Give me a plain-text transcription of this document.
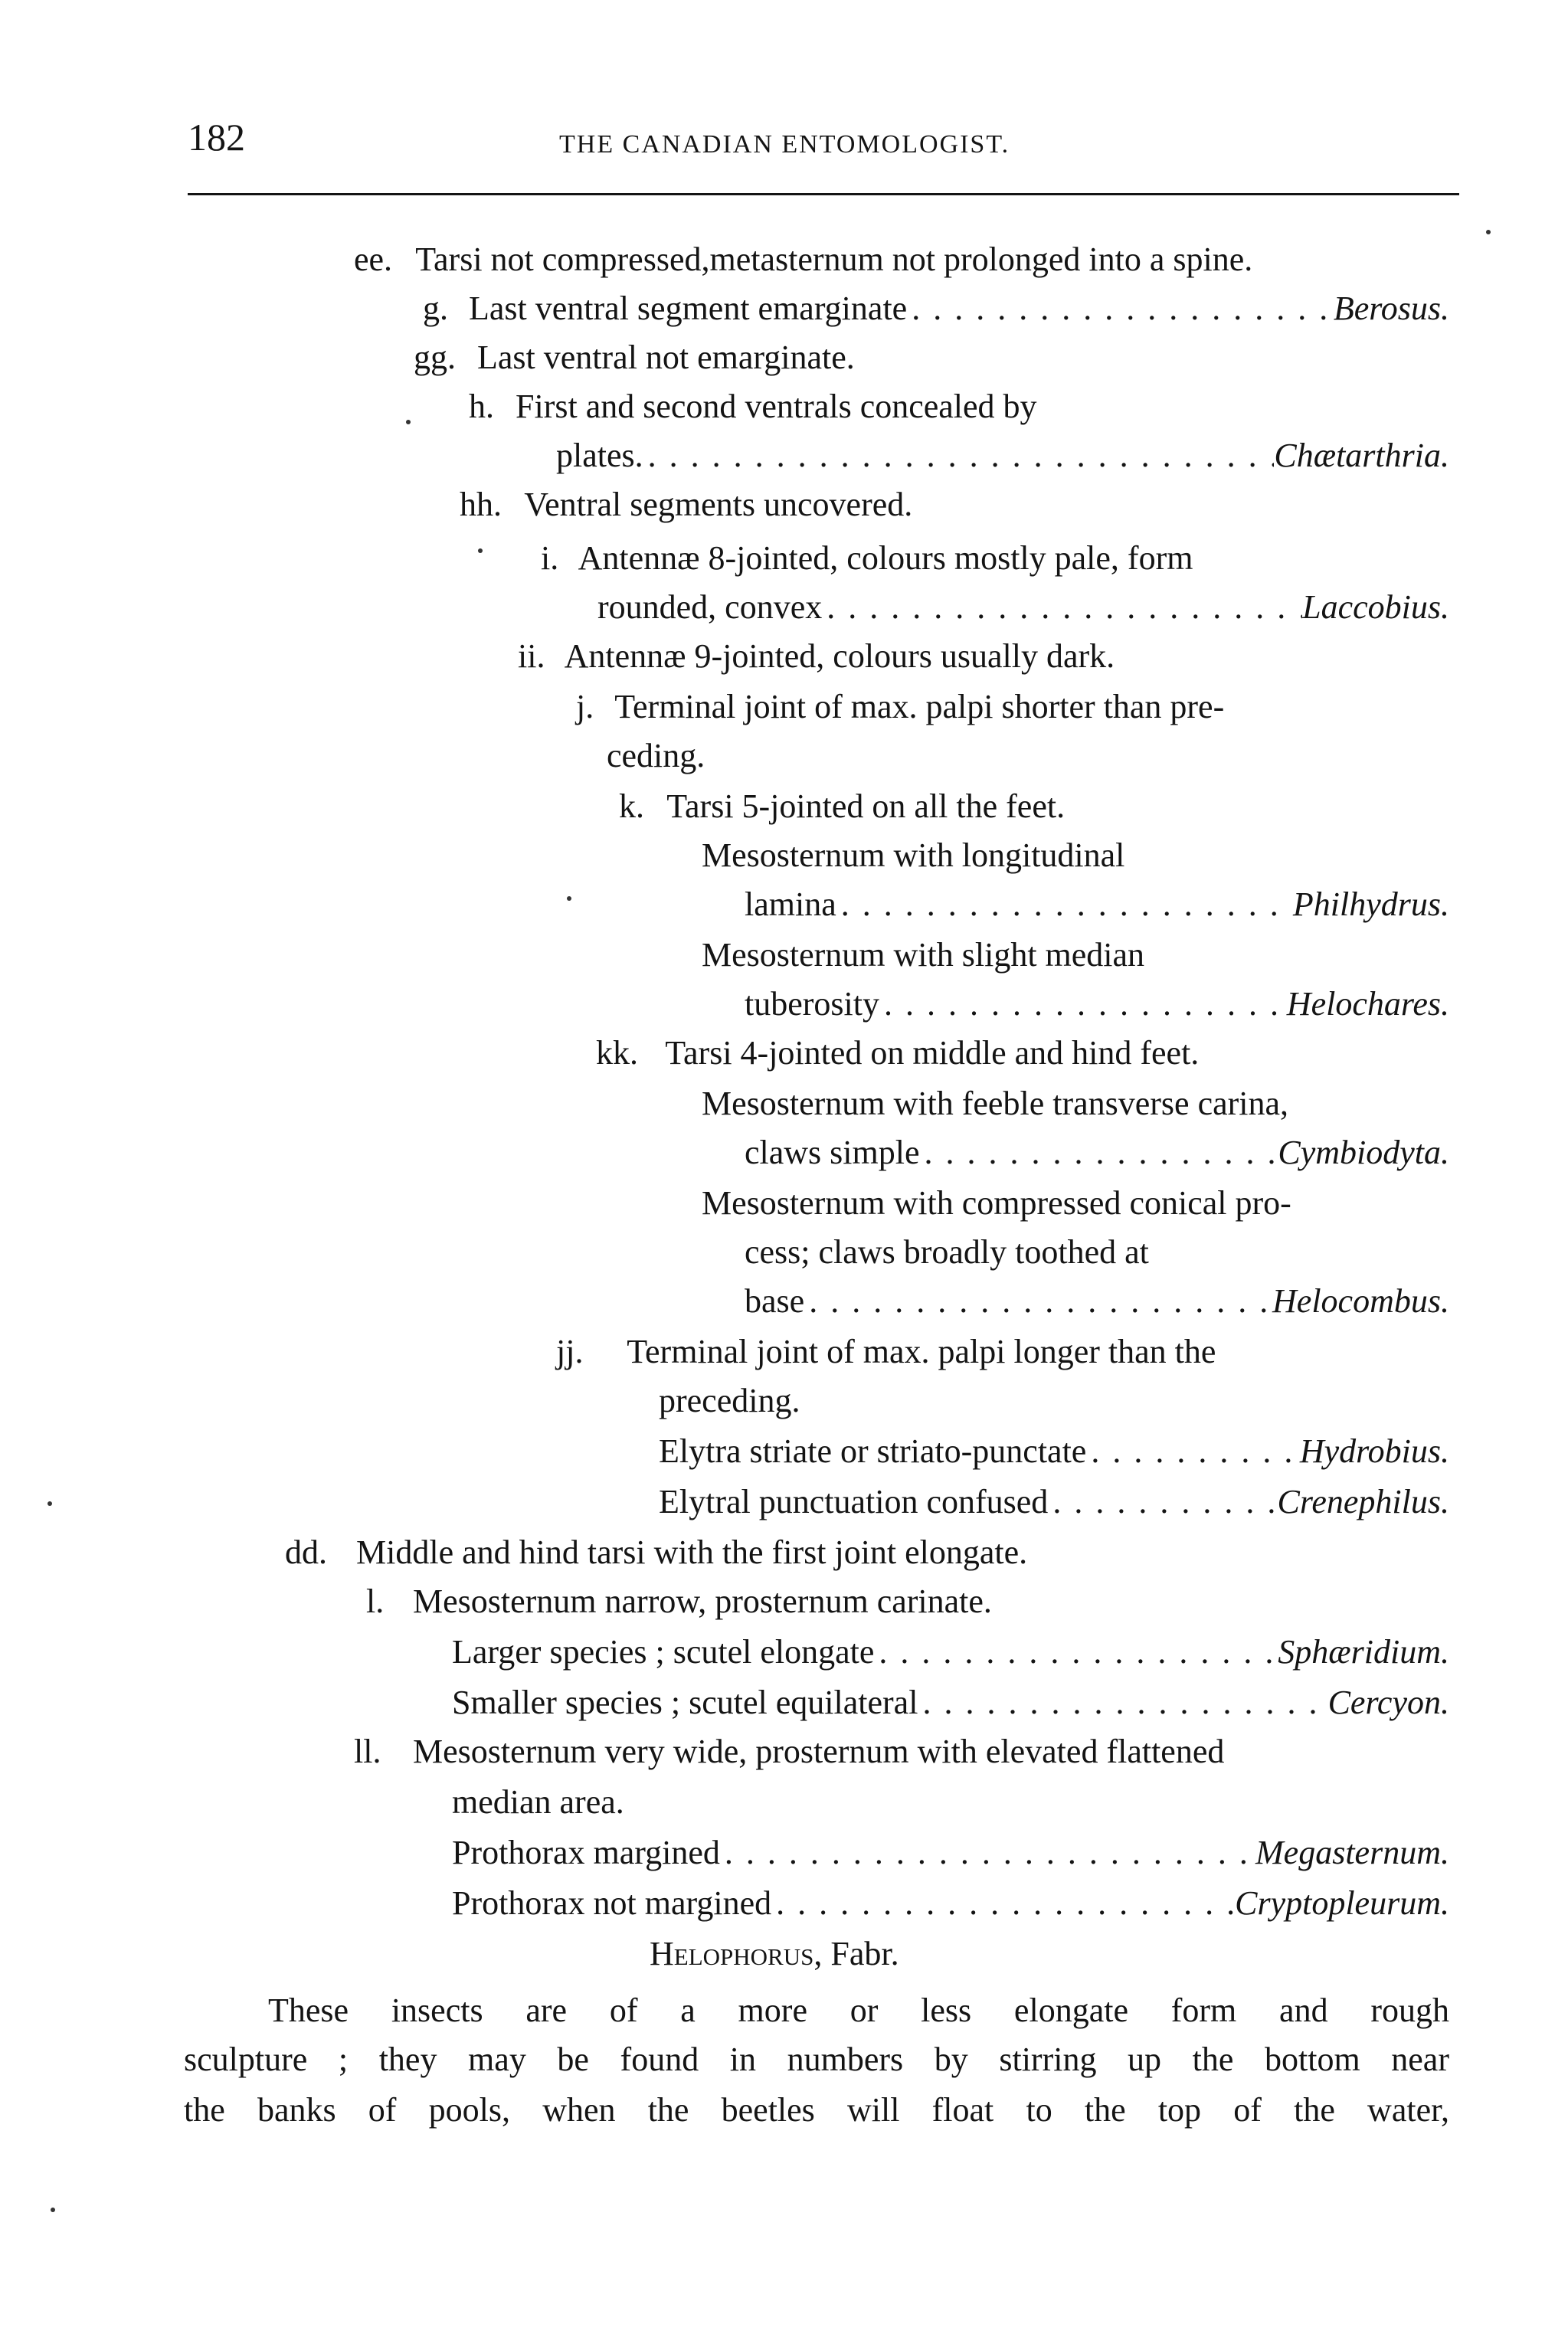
182	THE CANADIAN ENTOMOLOGIST.
ee. Tarsi not compressed,metasternum not prolonged into a spine.
g. Last ventral segment emarginate . . .	Berosus.
gg. Last ventral not emarginate.
h. First and second ventrals concealed by
plates. . . .	Chætarthria.
hh. Ventral segments uncovered.
i. Antennæ 8-jointed, colours mostly pale, form
rounded, convex . . .	Laccobius.
ii. Antennæ 9-jointed, colours usually dark.
j. Terminal joint of max. palpi shorter than pre-
ceding.
k. Tarsi 5-jointed on all the feet.
Mesosternum with longitudinal
lamina . . .	Philhydrus.
Mesosternum with slight median
tuberosity . . .	Helochares.
kk. Tarsi 4-jointed on middle and hind feet.
Mesosternum with feeble transverse carina,
claws simple . . .	Cymbiodyta.
Mesosternum with compressed conical pro-
cess; claws broadly toothed at
base . . .	Helocombus.
jj. Terminal joint of max. palpi longer than the
preceding.
Elytra striate or striato-punctate . . .	Hydrobius.
Elytral punctuation confused . . .	Crenephilus.
dd. Middle and hind tarsi with the first joint elongate.
l. Mesosternum narrow, prosternum carinate.
Larger species ; scutel elongate . . .	Sphæridium.
Smaller species ; scutel equilateral . . .	Cercyon.
ll. Mesosternum very wide, prosternum with elevated flattened
median area.
Prothorax margined . . .	Megasternum.
Prothorax not margined . . .	Cryptopleurum.
Helophorus, Fabr.
These insects are of a more or less elongate form and rough
sculpture ; they may be found in numbers by stirring up the bottom near
the banks of pools, when the beetles will float to the top of the water,
